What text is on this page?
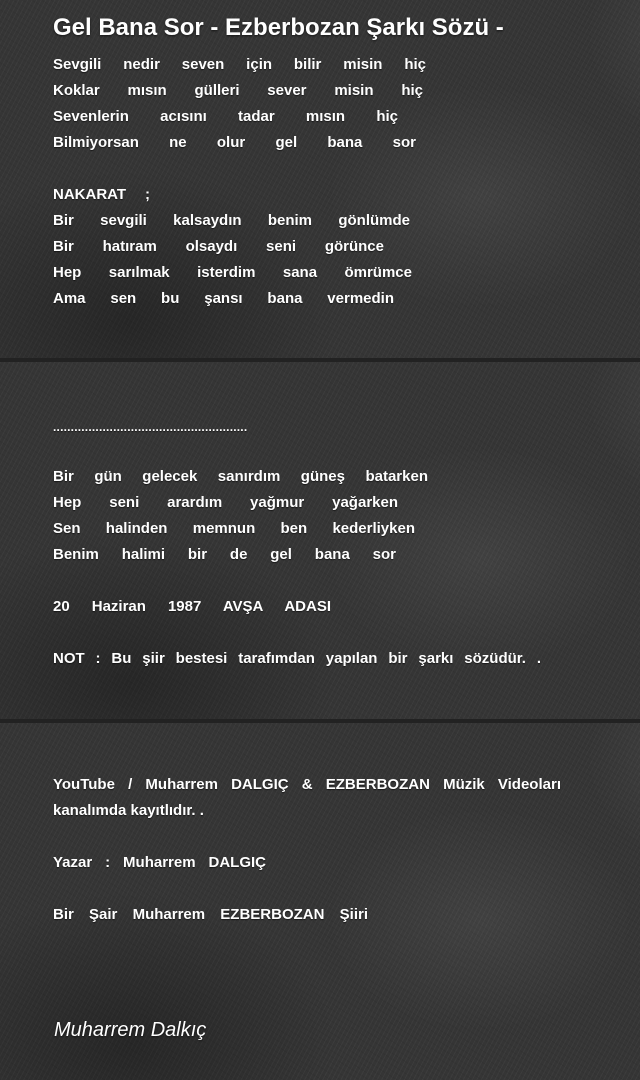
Gel Bana Sor - Ezberbozan Şarkı Sözü -
Sevgili nedir seven için bilir misin hiç
Koklar mısın gülleri sever misin hiç
Sevenlerin acısını tadar mısın hiç
Bilmiyorsan ne olur gel bana sor
NAKARAT ;
Bir sevgili kalsaydın benim gönlümde
Bir hatıram olsaydı seni görünce
Hep sarılmak isterdim sana ömrümce
Ama sen bu şansı bana vermedin
.......................................................
Bir gün gelecek sanırdım güneş batarken
Hep seni arardım yağmur yağarken
Sen halinden memnun ben kederliyken
Benim halimi bir de gel bana sor
20 Haziran 1987 AVŞA ADASI
NOT : Bu şiir bestesi tarafımdan yapılan bir şarkı sözüdür. .
YouTube / Muharrem DALGIÇ & EZBERBOZAN Müzik Videoları
kanalımda kayıtlıdır. .
Yazar : Muharrem DALGIÇ
Bir Şair Muharrem EZBERBOZAN Şiiri
Muharrem Dalkıç
